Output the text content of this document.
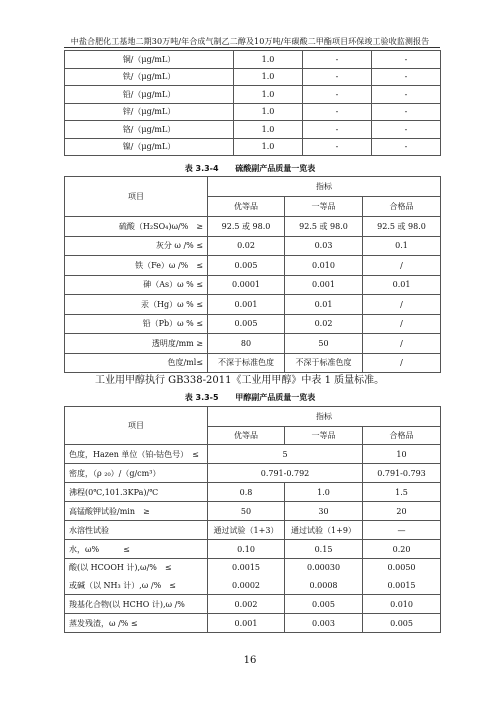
中盐合肥化工基地二期30万吨/年合成气制乙二醇及10万吨/年碳酸二甲酯项目环保竣工验收监测报告
铜/（μg/mL）	1.0	-	-
铁/（μg/mL）	1.0	-	-
铅/（μg/mL）	1.0	-	-
锌/（μg/mL）	1.0	-	-
铬/（μg/mL）	1.0	-	-
镍/（μg/mL）	1.0	-	-
表 3.3-4 硫酸副产品质量一览表
项目	指标		
	优等品	一等品	合格品
硫酸（H₂SO₄)ω/%　≥	92.5 或 98.0	92.5 或 98.0	92.5 或 98.0
灰分 ω /% ≤	0.02	0.03	0.1
铁（Fe）ω /%　≤	0.005	0.010	/
砷（As）ω % ≤	0.0001	0.001	0.01
汞（Hg）ω % ≤	0.001	0.01	/
铅（Pb）ω % ≤	0.005	0.02	/
透明度/mm ≥	80	50	/
色度/ml≤	不深于标准色度	不深于标准色度	/
工业用甲醇执行 GB338-2011《工业用甲醇》中表 1 质量标准。
表 3.3-5 甲醇副产品质量一览表
项目	指标		
	优等品	一等品	合格品
色度，Hazen 单位（铂-钴色号）　≤	5		10
密度，（ρ ₂₀）/（g/cm³）	0.791-0.792		0.791-0.793
沸程(0℃,101.3KPa)/℃	0.8	1.0	1.5
高锰酸钾试验/min　≥	50	30	20
水溶性试验	通过试验（1+3）	通过试验（1+9）	—
水，ω%　　　≤	0.10	0.15	0.20
酸(以 HCOOH 计),ω/%　≤	0.0015	0.00030	0.0050
或碱（以 NH₃ 计）,ω /%　≤	0.0002	0.0008	0.0015
羧基化合物(以 HCHO 计),ω /%	0.002	0.005	0.010
蒸发残渣，ω /% ≤	0.001	0.003	0.005
16
